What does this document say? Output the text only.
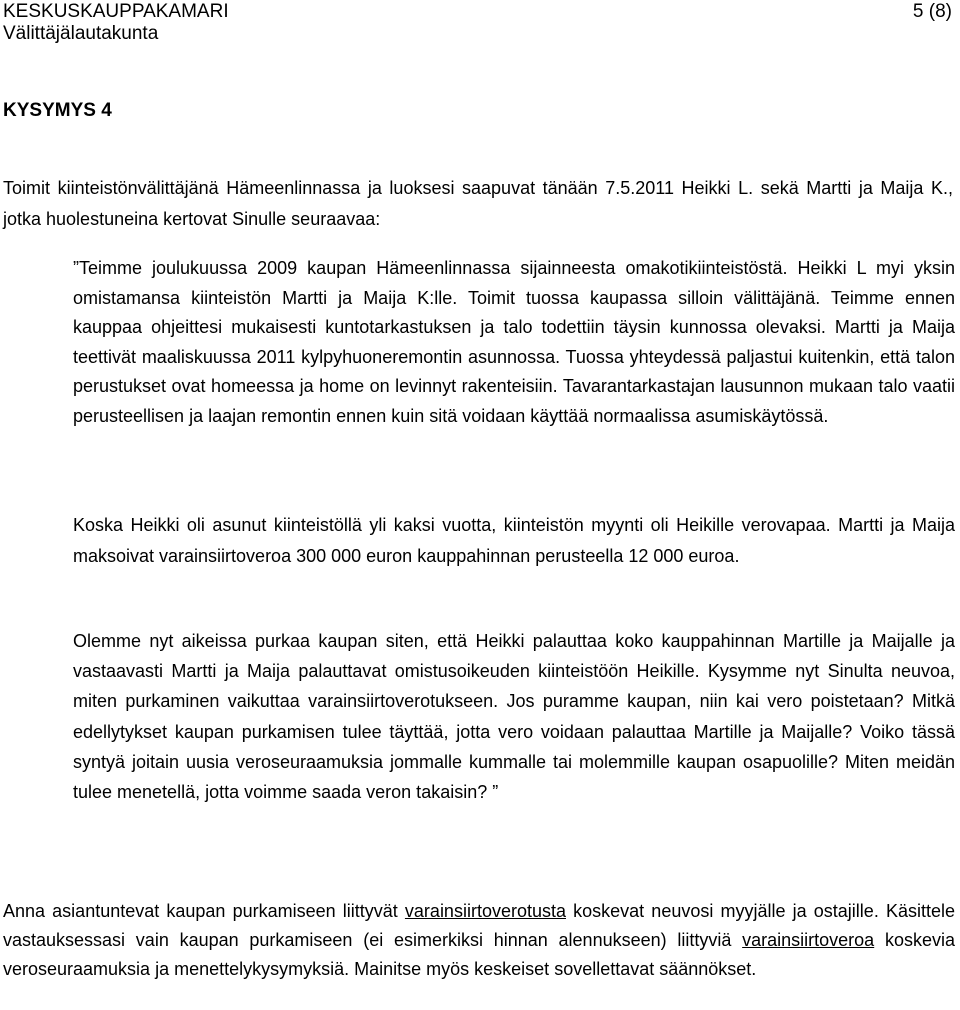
KESKUSKAUPPAKAMARI
Välittäjälautakunta
5 (8)
KYSYMYS 4

Toimit kiinteistönvälittäjänä Hämeenlinnassa ja luoksesi saapuvat tänään 7.5.2011 Heikki L. sekä Martti ja Maija K., jotka huolestuneina kertovat Sinulle seuraavaa:

”Teimme joulukuussa 2009 kaupan Hämeenlinnassa sijainneesta omakotikiinteistöstä. Heikki L myi yksin omistamansa kiinteistön Martti ja Maija K:lle. Toimit tuossa kaupassa silloin välittäjänä. Teimme ennen kauppaa ohjeittesi mukaisesti kuntotarkastuksen ja talo todettiin täysin kunnossa olevaksi. Martti ja Maija teettivät maaliskuussa 2011 kylpyhuoneremontin asunnossa. Tuossa yhteydessä paljastui kuitenkin, että talon perustukset ovat homeessa ja home on levinnyt rakenteisiin. Tavarantarkastajan lausunnon mukaan talo vaatii perusteellisen ja laajan remontin ennen kuin sitä voidaan käyttää normaalissa asumiskäytössä.

Koska Heikki oli asunut kiinteistöllä yli kaksi vuotta, kiinteistön myynti oli Heikille verovapaa. Martti ja Maija maksoivat varainsiirtoveroa 300 000 euron kauppahinnan perusteella 12 000 euroa.

Olemme nyt aikeissa purkaa kaupan siten, että Heikki palauttaa koko kauppahinnan Martille ja Maijalle ja vastaavasti Martti ja Maija palauttavat omistusoikeuden kiinteistöön Heikille. Kysymme nyt Sinulta neuvoa, miten purkaminen vaikuttaa varainsiirtoverotukseen. Jos puramme kaupan, niin kai vero poistetaan? Mitkä edellytykset kaupan purkamisen tulee täyttää, jotta vero voidaan palauttaa Martille ja Maijalle? Voiko tässä syntyä joitain uusia veroseuraamuksia jommalle kummalle tai molemmille kaupan osapuolille? Miten meidän tulee menetellä, jotta voimme saada veron takaisin? ”

Anna asiantuntevat kaupan purkamiseen liittyvät varainsiirtoverotusta koskevat neuvosi myyjälle ja ostajille. Käsittele vastauksessasi vain kaupan purkamiseen (ei esimerkiksi hinnan alennukseen) liittyviä varainsiirtoveroa koskevia veroseuraamuksia ja menettelykysymyksiä. Mainitse myös keskeiset sovellettavat säännökset.
